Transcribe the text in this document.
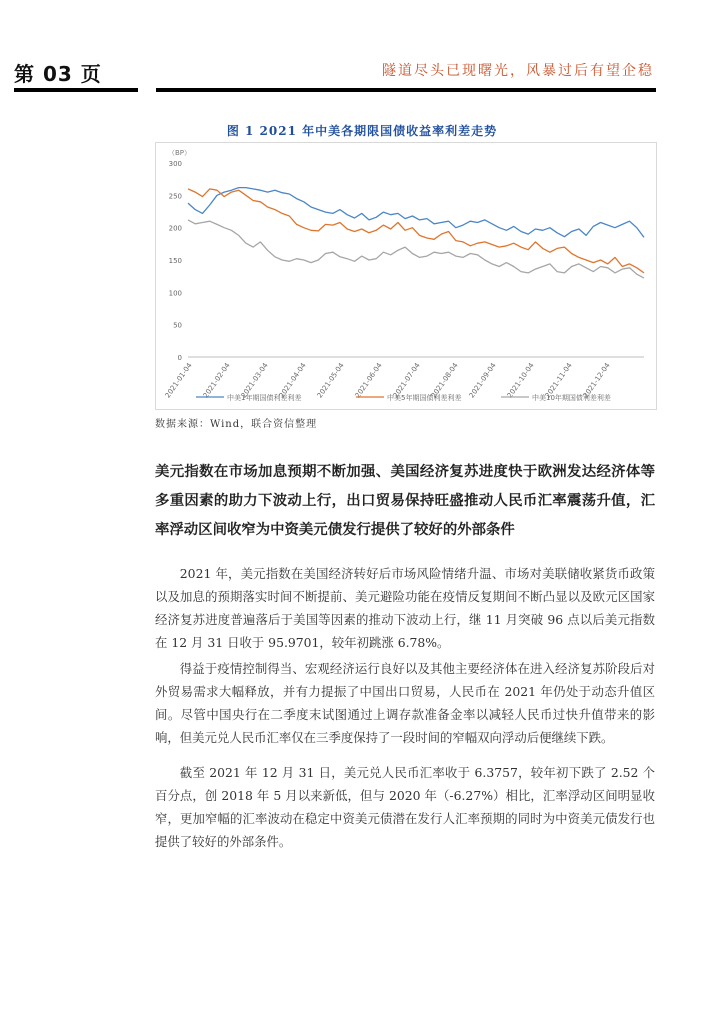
第 03 页	隧道尽头已现曙光，风暴过后有望企稳
图 1 2021 年中美各期限国债收益率利差走势
（BP）
0
50
100
150
200
250
300
2021-01-04 2021-02-04 2021-03-04 2021-04-04 2021-05-04 2021-06-04 2021-07-04 2021-08-04 2021-09-04 2021-10-04 2021-11-04 2021-12-04
中美1年期国债利差利差	中美5年期国债利差利差	中美10年期国债利差利差
数据来源：Wind，联合资信整理
美元指数在市场加息预期不断加强、美国经济复苏进度快于欧洲发达经济体等多重因素的助力下波动上行，出口贸易保持旺盛推动人民币汇率震荡升值，汇率浮动区间收窄为中资美元债发行提供了较好的外部条件

2021 年，美元指数在美国经济转好后市场风险情绪升温、市场对美联储收紧货币政策以及加息的预期落实时间不断提前、美元避险功能在疫情反复期间不断凸显以及欧元区国家经济复苏进度普遍落后于美国等因素的推动下波动上行，继 11 月突破 96 点以后美元指数在 12 月 31 日收于 95.9701，较年初跳涨 6.78%。

得益于疫情控制得当、宏观经济运行良好以及其他主要经济体在进入经济复苏阶段后对外贸易需求大幅释放，并有力提振了中国出口贸易，人民币在 2021 年仍处于动态升值区间。尽管中国央行在二季度末试图通过上调存款准备金率以减轻人民币过快升值带来的影响，但美元兑人民币汇率仅在三季度保持了一段时间的窄幅双向浮动后便继续下跌。

截至 2021 年 12 月 31 日，美元兑人民币汇率收于 6.3757，较年初下跌了 2.52 个百分点，创 2018 年 5 月以来新低，但与 2020 年（-6.27%）相比，汇率浮动区间明显收窄，更加窄幅的汇率波动在稳定中资美元债潜在发行人汇率预期的同时为中资美元债发行也提供了较好的外部条件。
